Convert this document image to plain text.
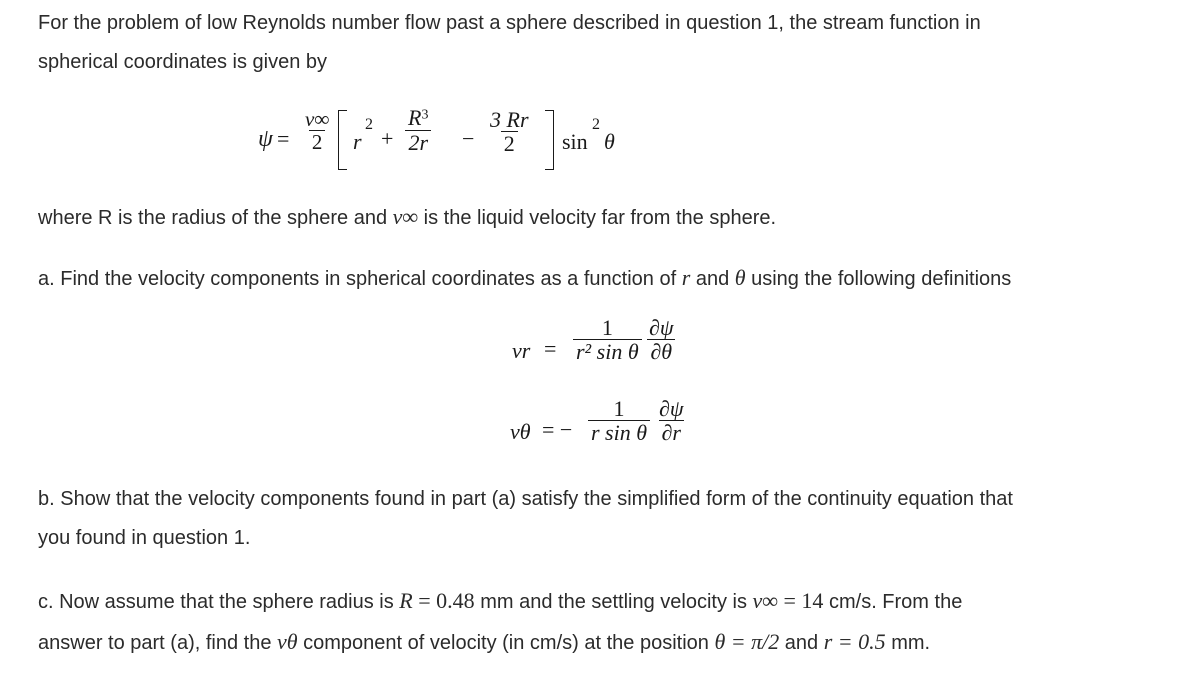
For the problem of low Reynolds number flow past a sphere described in question 1, the stream function in
spherical coordinates is given by
$\psi = \frac{v\infty}{2}$ r
2
+
$R^3$
$2r - \frac{3 Rr}{2}$ sin
2
θ
where R is the radius of the sphere and v∞ is the liquid velocity far from the sphere.
a. Find the velocity components in spherical coordinates as a function of r and θ using the following definitions
vr = $\frac{1}{\text{r² sin θ}} \frac{\partial\psi}{\partial\theta}$
vθ = − $\frac{1}{\text{r sin θ}} \frac{\partial\psi}{\partial r}$
b. Show that the velocity components found in part (a) satisfy the simplified form of the continuity equation that
you found in question 1.
c. Now assume that the sphere radius is R = 0.48 mm and the settling velocity is v∞ = 14 cm/s. From the
answer to part (a), find the vθ component of velocity (in cm/s) at the position θ = π/2 and r = 0.5 mm.
